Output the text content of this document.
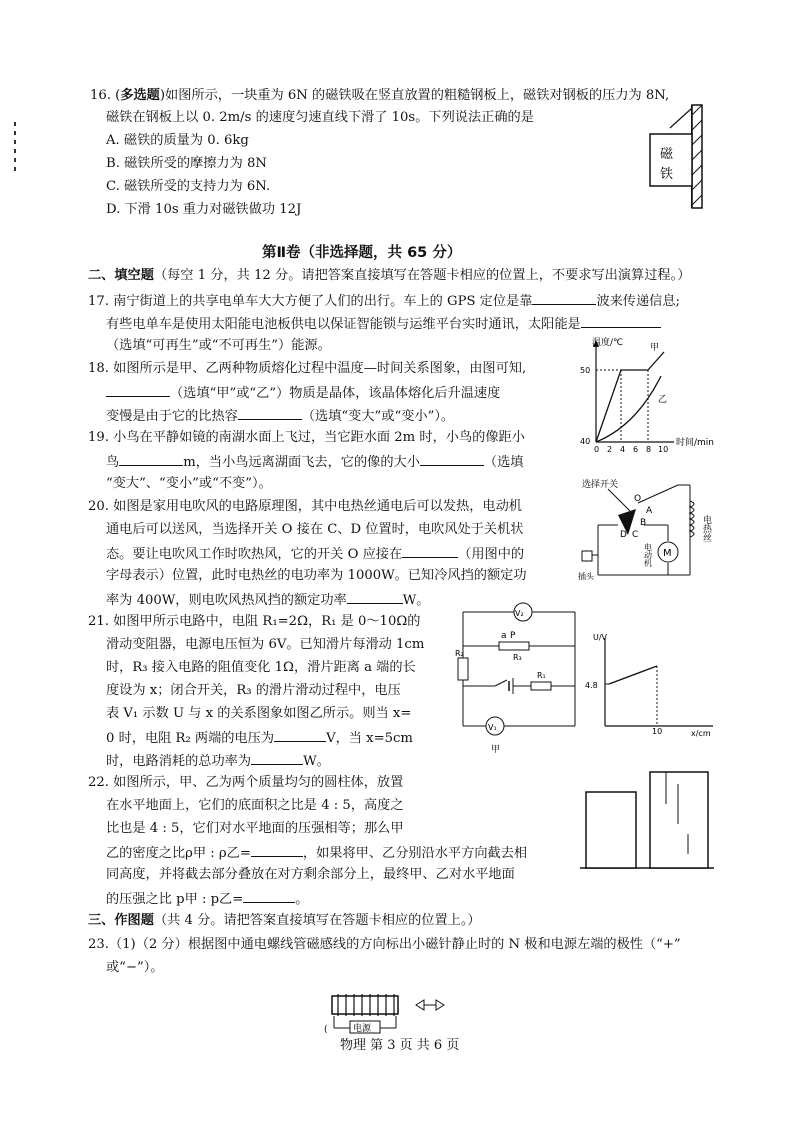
16. (多选题)如图所示，一块重为 6N 的磁铁吸在竖直放置的粗糙钢板上，磁铁对钢板的压力为 8N,
磁铁在钢板上以 0. 2m/s 的速度匀速直线下滑了 10s。下列说法正确的是
A. 磁铁的质量为 0. 6kg
B. 磁铁所受的摩擦力为 8N
C. 磁铁所受的支持力为 6N.
D. 下滑 10s 重力对磁铁做功 12J
磁
铁
第Ⅱ卷（非选择题，共 65 分）
二、填空题（每空 1 分，共 12 分。请把答案直接填写在答题卡相应的位置上，不要求写出演算过程。）
17. 南宁街道上的共享电单车大大方便了人们的出行。车上的 GPS 定位是靠	波来传递信息;
有些电单车是使用太阳能电池板供电以保证智能锁与运维平台实时通讯，太阳能是
（选填“可再生”或“不可再生”）能源。
18. 如图所示是甲、乙两种物质熔化过程中温度—时间关系图象，由图可知,
（选填“甲”或“乙”）物质是晶体，该晶体熔化后升温速度
变慢是由于它的比热容	（选填“变大”或“变小”）。
温度/℃
时间/min
50
40
0 2 4 6 8 10
甲
乙
19. 小鸟在平静如镜的南湖水面上飞过，当它距水面 2m 时，小鸟的像距小
鸟	m，当小鸟远离湖面飞去，它的像的大小	（选填
“变大”、“变小”或“不变”）。
20. 如图是家用电吹风的电路原理图，其中电热丝通电后可以发热，电动机
通电后可以送风，当选择开关 O 接在 C、D 位置时，电吹风处于关机状
态。要让电吹风工作时吹热风，它的开关 O 应接在	（用图中的
字母表示）位置，此时电热丝的电功率为 1000W。已知冷风挡的额定功
率为 400W，则电吹风热风挡的额定功率	W。
选择开关
O
A
B
C
D	电热丝
M
电动机
插头
21. 如图甲所示电路中，电阻 R₁=2Ω，R₁ 是 0～10Ω的
滑动变阻器，电源电压恒为 6V。已知滑片每滑动 1cm
时，R₃ 接入电路的阻值变化 1Ω，滑片距离 a 端的长
度设为 x；闭合开关，R₃ 的滑片滑动过程中，电压
表 V₁ 示数 U 与 x 的关系图象如图乙所示。则当 x=
0 时，电阻 R₂ 两端的电压为	V，当 x=5cm
时，电路消耗的总功率为	W。
V₂
a P
R₃
R₂
R₁
V₁
甲
U/V
4.8
10	x/cm
22. 如图所示，甲、乙为两个质量均匀的圆柱体，放置
在水平地面上，它们的底面积之比是 4 : 5，高度之
比也是 4 : 5，它们对水平地面的压强相等；那么甲
乙的密度之比ρ甲 : ρ乙=	，如果将甲、乙分别沿水平方向截去相
同高度，并将截去部分叠放在对方剩余部分上，最终甲、乙对水平地面
的压强之比 p甲 : p乙=	。
三、作图题（共 4 分。请把答案直接填写在答题卡相应的位置上。）
23.（1)（2 分）根据图中通电螺线管磁感线的方向标出小磁针静止时的 N 极和电源左端的极性（“+”
或“−”）。
电源
(
物理 第 3 页 共 6 页
